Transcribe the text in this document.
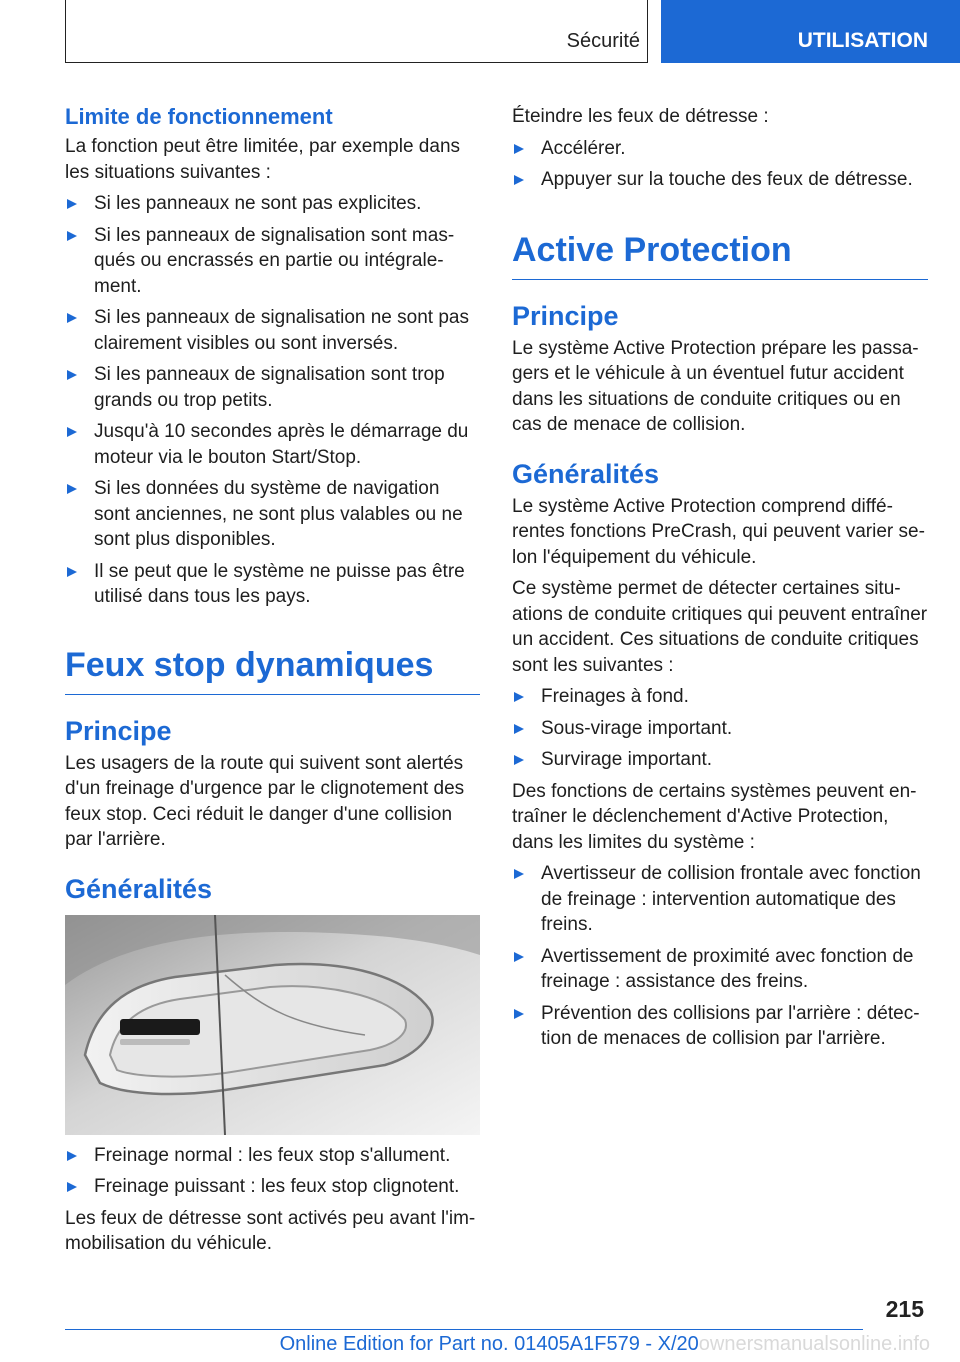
Sécurité	UTILISATION
Limite de fonctionnement

La fonction peut être limitée, par exemple dans les situations suivantes :

Si les panneaux ne sont pas explicites.
Si les panneaux de signalisation sont masqués ou encrassés en partie ou intégralement.
Si les panneaux de signalisation ne sont pas clairement visibles ou sont inversés.
Si les panneaux de signalisation sont trop grands ou trop petits.
Jusqu'à 10 secondes après le démarrage du moteur via le bouton Start/Stop.
Si les données du système de navigation sont anciennes, ne sont plus valables ou ne sont plus disponibles.
Il se peut que le système ne puisse pas être utilisé dans tous les pays.
Feux stop dynamiques
Principe

Les usagers de la route qui suivent sont alertés d'un freinage d'urgence par le clignotement des feux stop. Ceci réduit le danger d'une collision par l'arrière.

Généralités
Freinage normal : les feux stop s'allument.
Freinage puissant : les feux stop clignotent.

Les feux de détresse sont activés peu avant l'immobilisation du véhicule.

Éteindre les feux de détresse :

Accélérer.
Appuyer sur la touche des feux de détresse.
Active Protection
Principe

Le système Active Protection prépare les passagers et le véhicule à un éventuel futur accident dans les situations de conduite critiques ou en cas de menace de collision.

Généralités

Le système Active Protection comprend différentes fonctions PreCrash, qui peuvent varier selon l'équipement du véhicule.

Ce système permet de détecter certaines situations de conduite critiques qui peuvent entraîner un accident. Ces situations de conduite critiques sont les suivantes :

Freinages à fond.
Sous-virage important.
Survirage important.

Des fonctions de certains systèmes peuvent entraîner le déclenchement d'Active Protection, dans les limites du système :

Avertisseur de collision frontale avec fonction de freinage : intervention automatique des freins.
Avertissement de proximité avec fonction de freinage : assistance des freins.
Prévention des collisions par l'arrière : détection de menaces de collision par l'arrière.
215
Online Edition for Part no. 01405A1F579 - X/20ownersmanualsonline.info
